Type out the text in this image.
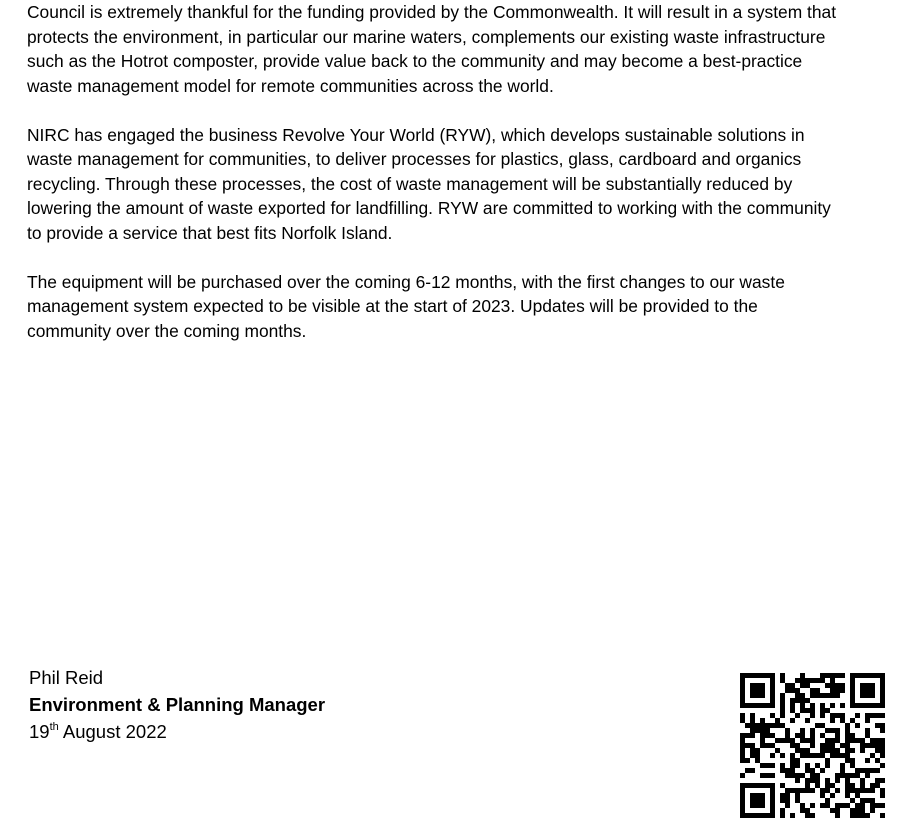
Council is extremely thankful for the funding provided by the Commonwealth. It will result in a system that protects the environment, in particular our marine waters, complements our existing waste infrastructure such as the Hotrot composter, provide value back to the community and may become a best-practice waste management model for remote communities across the world.

NIRC has engaged the business Revolve Your World (RYW), which develops sustainable solutions in waste management for communities, to deliver processes for plastics, glass, cardboard and organics recycling. Through these processes, the cost of waste management will be substantially reduced by lowering the amount of waste exported for landfilling. RYW are committed to working with the community to provide a service that best fits Norfolk Island.

The equipment will be purchased over the coming 6-12 months, with the first changes to our waste management system expected to be visible at the start of 2023. Updates will be provided to the community over the coming months.

Phil Reid
Environment & Planning Manager
19th August 2022
